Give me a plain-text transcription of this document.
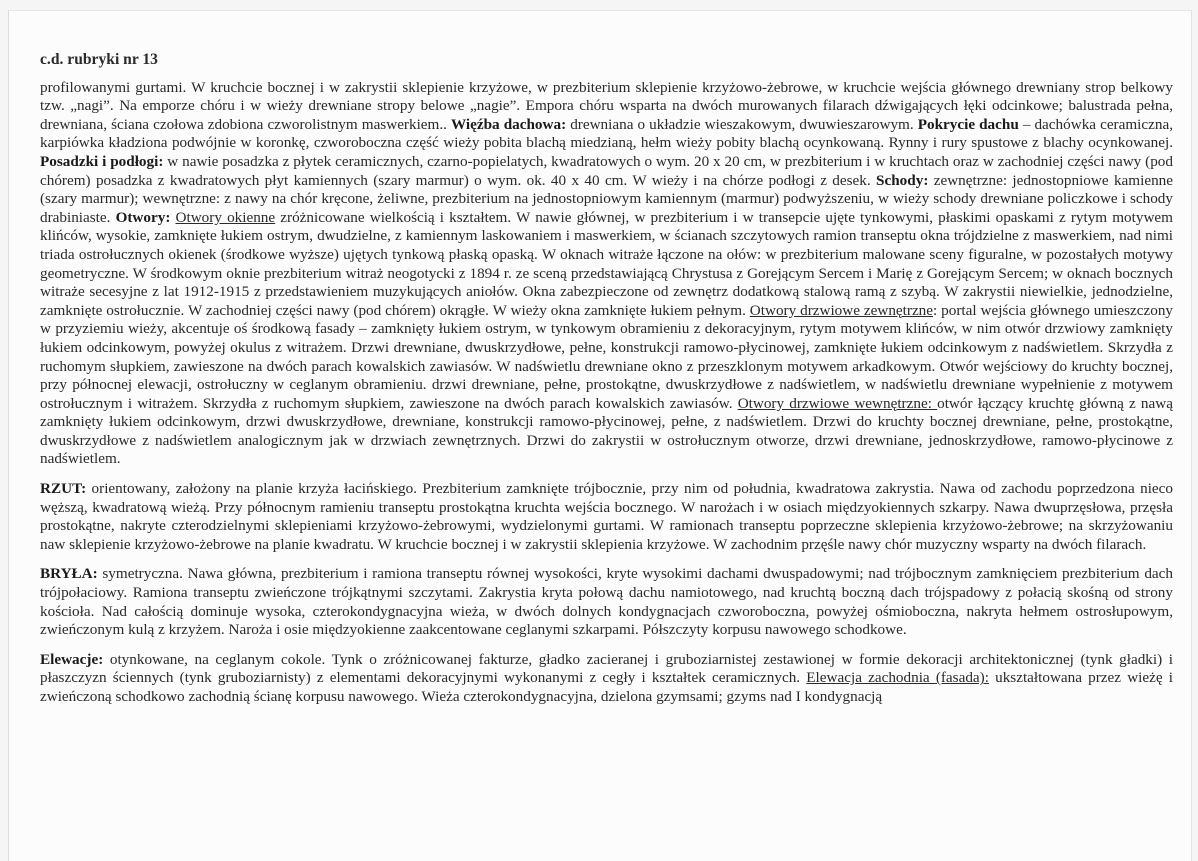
c.d. rubryki nr 13

profilowanymi gurtami. W kruchcie bocznej i w zakrystii sklepienie krzyżowe, w prezbiterium sklepienie krzyżowo-żebrowe, w kruchcie wejścia głównego drewniany strop belkowy tzw. „nagi”. Na emporze chóru i w wieży drewniane stropy belowe „nagie”. Empora chóru wsparta na dwóch murowanych filarach dźwigających łęki odcinkowe; balustrada pełna, drewniana, ściana czołowa zdobiona czworolistnym maswerkiem.. Więźba dachowa: drewniana o układzie wieszakowym, dwuwieszarowym. Pokrycie dachu – dachówka ceramiczna, karpiówka kładziona podwójnie w koronkę, czworoboczna część wieży pobita blachą miedzianą, hełm wieży pobity blachą ocynkowaną. Rynny i rury spustowe z blachy ocynkowanej. Posadzki i podłogi: w nawie posadzka z płytek ceramicznych, czarno-popielatych, kwadratowych o wym. 20 x 20 cm, w prezbiterium i w kruchtach oraz w zachodniej części nawy (pod chórem) posadzka z kwadratowych płyt kamiennych (szary marmur) o wym. ok. 40 x 40 cm. W wieży i na chórze podłogi z desek. Schody: zewnętrzne: jednostopniowe kamienne (szary marmur); wewnętrzne: z nawy na chór kręcone, żeliwne, prezbiterium na jednostopniowym kamiennym (marmur) podwyższeniu, w wieży schody drewniane policzkowe i schody drabiniaste. Otwory: Otwory okienne zróżnicowane wielkością i kształtem. W nawie głównej, w prezbiterium i w transepcie ujęte tynkowymi, płaskimi opaskami z rytym motywem klińców, wysokie, zamknięte łukiem ostrym, dwudzielne, z kamiennym laskowaniem i maswerkiem, w ścianach szczytowych ramion transeptu okna trójdzielne z maswerkiem, nad nimi triada ostrołucznych okienek (środkowe wyższe) ujętych tynkową płaską opaską. W oknach witraże łączone na ołów: w prezbiterium malowane sceny figuralne, w pozostałych motywy geometryczne. W środkowym oknie prezbiterium witraż neogotycki z 1894 r. ze sceną przedstawiającą Chrystusa z Gorejącym Sercem i Marię z Gorejącym Sercem; w oknach bocznych witraże secesyjne z lat 1912-1915 z przedstawieniem muzykujących aniołów. Okna zabezpieczone od zewnętrz dodatkową stalową ramą z szybą. W zakrystii niewielkie, jednodzielne, zamknięte ostrołucznie. W zachodniej części nawy (pod chórem) okrągłe. W wieży okna zamknięte łukiem pełnym. Otwory drzwiowe zewnętrzne: portal wejścia głównego umieszczony w przyziemiu wieży, akcentuje oś środkową fasady – zamknięty łukiem ostrym, w tynkowym obramieniu z dekoracyjnym, rytym motywem klińców, w nim otwór drzwiowy zamknięty łukiem odcinkowym, powyżej okulus z witrażem. Drzwi drewniane, dwuskrzydłowe, pełne, konstrukcji ramowo-płycinowej, zamknięte łukiem odcinkowym z nadświetlem. Skrzydła z ruchomym słupkiem, zawieszone na dwóch parach kowalskich zawiasów. W nadświetlu drewniane okno z przeszklonym motywem arkadkowym. Otwór wejściowy do kruchty bocznej, przy północnej elewacji, ostrołuczny w ceglanym obramieniu. drzwi drewniane, pełne, prostokątne, dwuskrzydłowe z nadświetlem, w nadświetlu drewniane wypełnienie z motywem ostrołucznym i witrażem. Skrzydła z ruchomym słupkiem, zawieszone na dwóch parach kowalskich zawiasów. Otwory drzwiowe wewnętrzne: otwór łączący kruchtę główną z nawą zamknięty łukiem odcinkowym, drzwi dwuskrzydłowe, drewniane, konstrukcji ramowo-płycinowej, pełne, z nadświetlem. Drzwi do kruchty bocznej drewniane, pełne, prostokątne, dwuskrzydłowe z nadświetlem analogicznym jak w drzwiach zewnętrznych. Drzwi do zakrystii w ostrołucznym otworze, drzwi drewniane, jednoskrzydłowe, ramowo-płycinowe z nadświetlem.

RZUT: orientowany, założony na planie krzyża łacińskiego. Prezbiterium zamknięte trójbocznie, przy nim od południa, kwadratowa zakrystia. Nawa od zachodu poprzedzona nieco węższą, kwadratową wieżą. Przy północnym ramieniu transeptu prostokątna kruchta wejścia bocznego. W narożach i w osiach międzyokiennych szkarpy. Nawa dwuprzęsłowa, przęsła prostokątne, nakryte czterodzielnymi sklepieniami krzyżowo-żebrowymi, wydzielonymi gurtami. W ramionach transeptu poprzeczne sklepienia krzyżowo-żebrowe; na skrzyżowaniu naw sklepienie krzyżowo-żebrowe na planie kwadratu. W kruchcie bocznej i w zakrystii sklepienia krzyżowe. W zachodnim przęśle nawy chór muzyczny wsparty na dwóch filarach.

BRYŁA: symetryczna. Nawa główna, prezbiterium i ramiona transeptu równej wysokości, kryte wysokimi dachami dwuspadowymi; nad trójbocznym zamknięciem prezbiterium dach trójpołaciowy. Ramiona transeptu zwieńczone trójkątnymi szczytami. Zakrystia kryta połową dachu namiotowego, nad kruchtą boczną dach trójspadowy z połacią skośną od strony kościoła. Nad całością dominuje wysoka, czterokondygnacyjna wieża, w dwóch dolnych kondygnacjach czworoboczna, powyżej ośmioboczna, nakryta hełmem ostrosłupowym, zwieńczonym kulą z krzyżem. Naroża i osie międzyokienne zaakcentowane ceglanymi szkarpami. Półszczyty korpusu nawowego schodkowe.

Elewacje: otynkowane, na ceglanym cokole. Tynk o zróżnicowanej fakturze, gładko zacieranej i gruboziarnistej zestawionej w formie dekoracji architektonicznej (tynk gładki) i płaszczyzn ściennych (tynk gruboziarnisty) z elementami dekoracyjnymi wykonanymi z cegły i kształtek ceramicznych. Elewacja zachodnia (fasada): ukształtowana przez wieżę i zwieńczoną schodkowo zachodnią ścianę korpusu nawowego. Wieża czterokondygnacyjna, dzielona gzymsami; gzyms nad I kondygnacją
